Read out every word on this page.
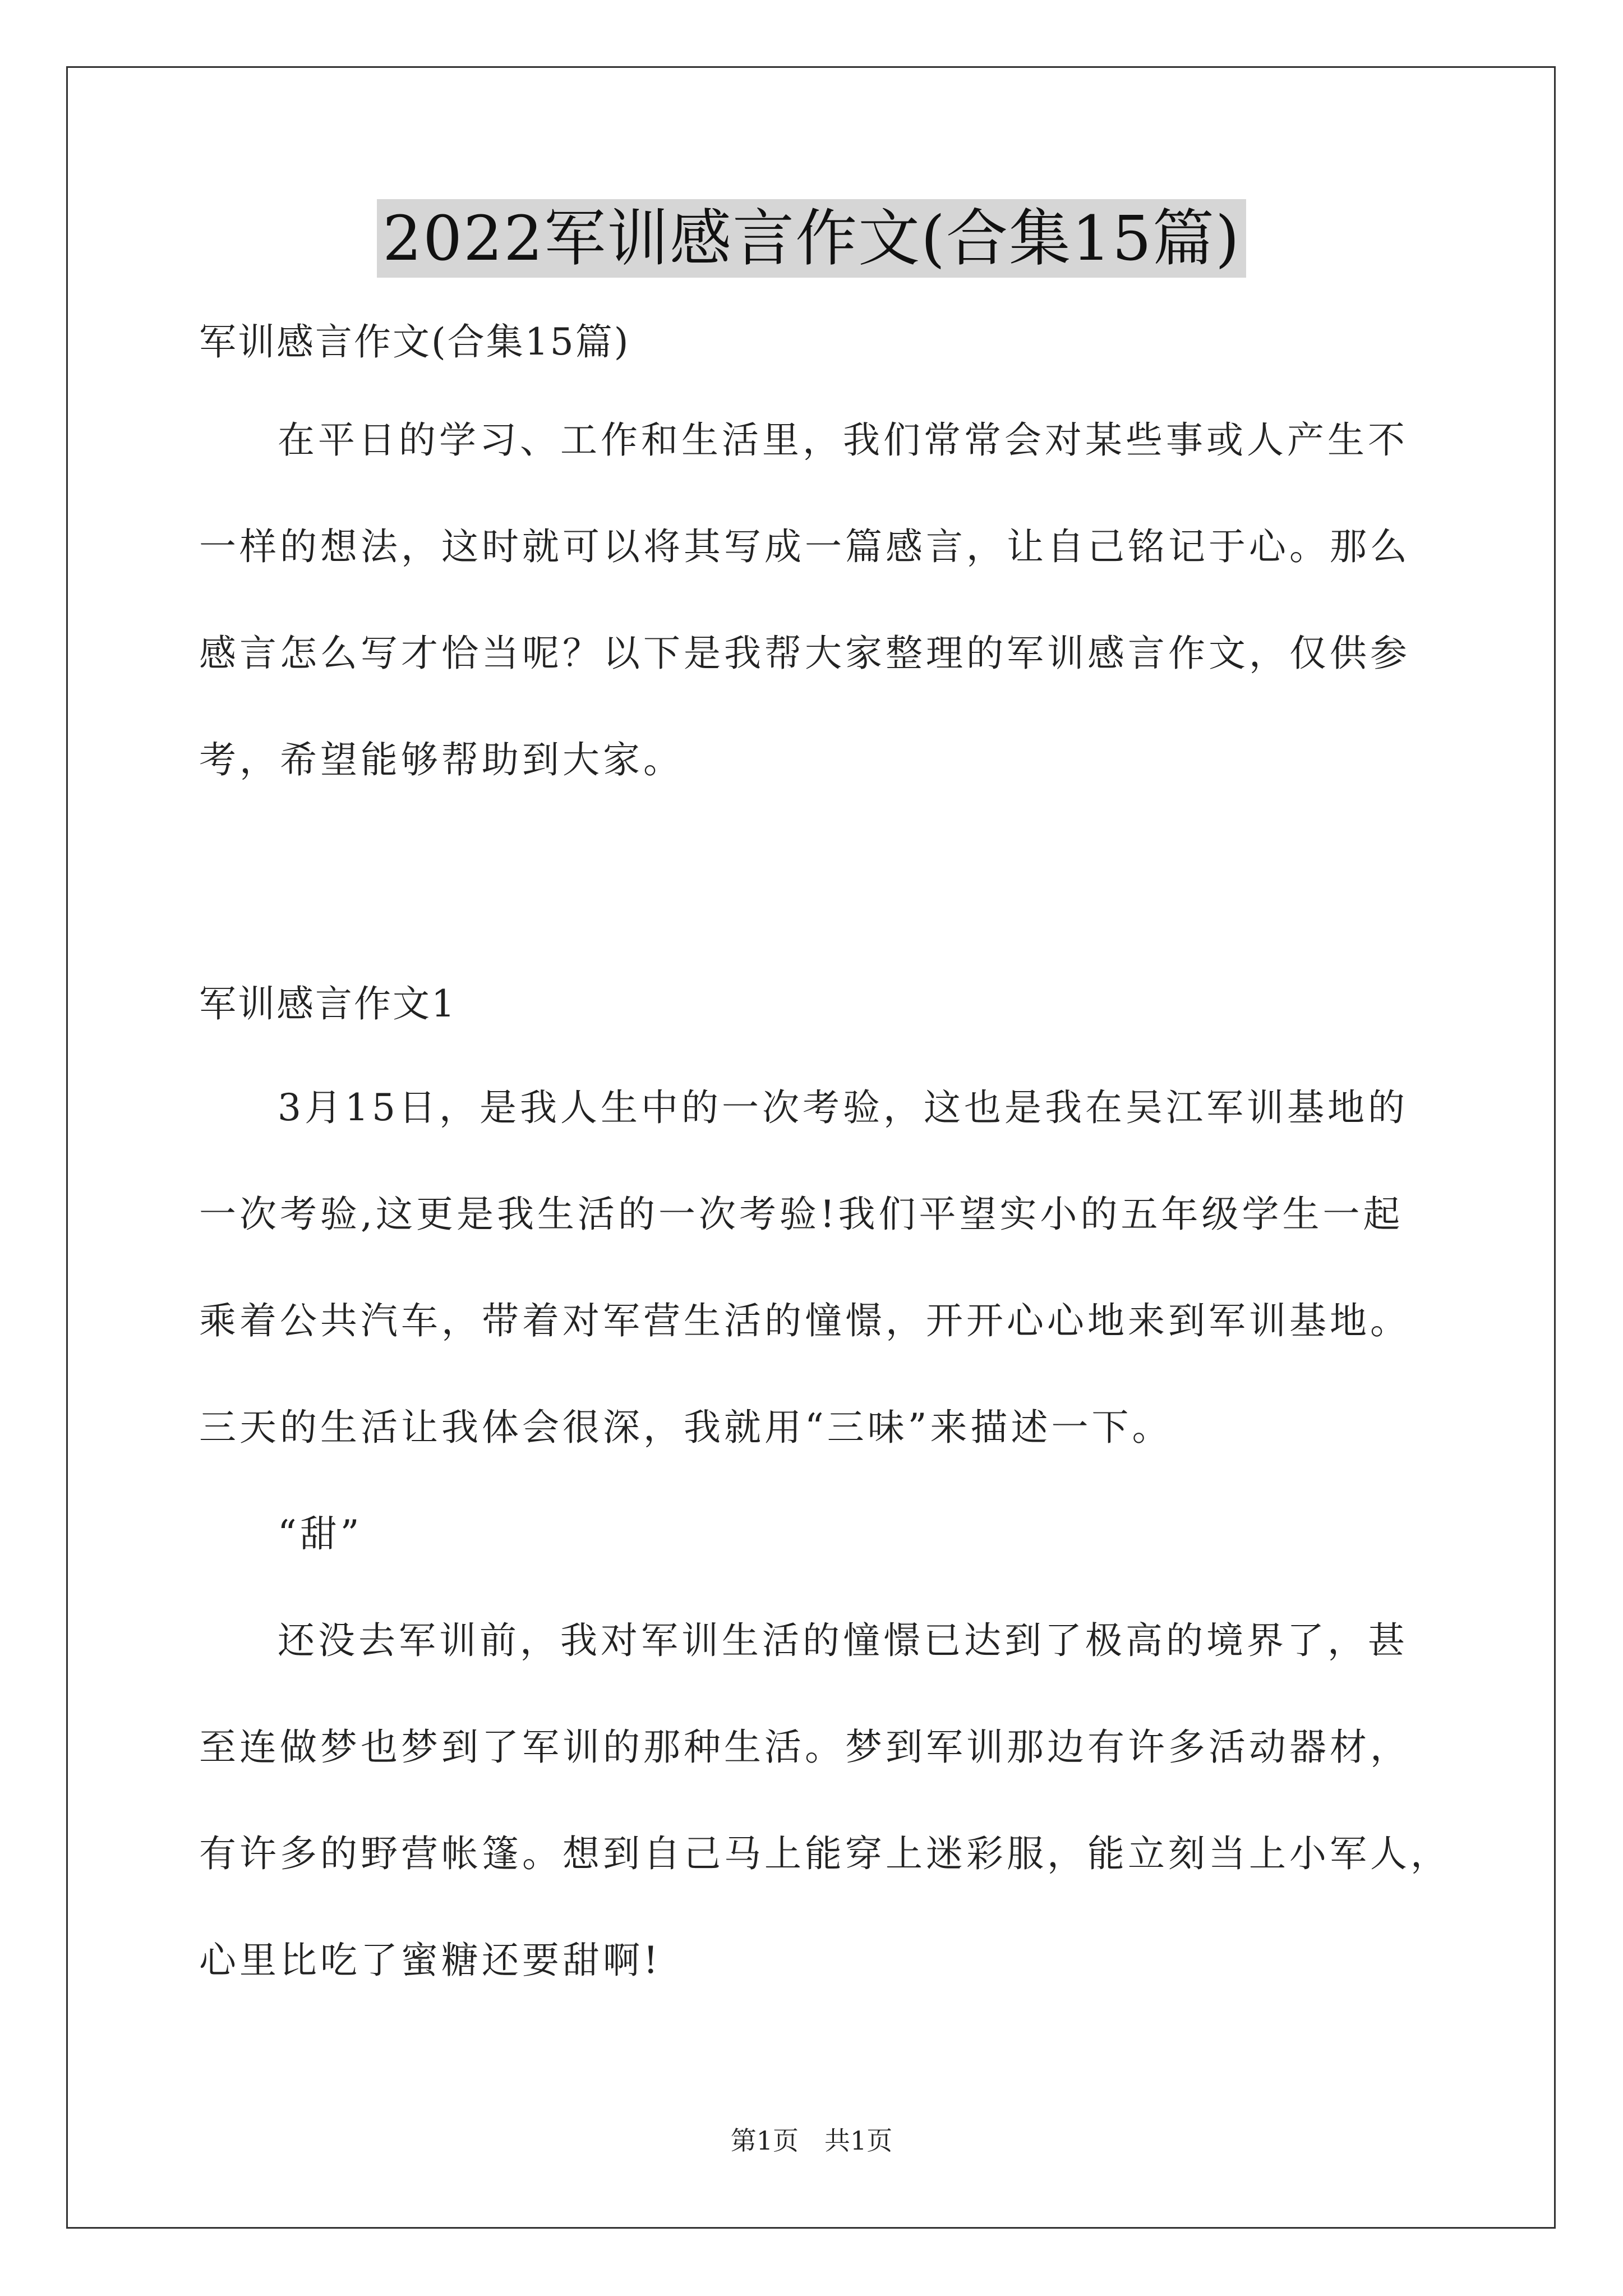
2022军训感言作文(合集15篇)
军训感言作文(合集15篇)
在平日的学习、工作和生活里，我们常常会对某些事或人产生不
一样的想法，这时就可以将其写成一篇感言，让自己铭记于心。那么
感言怎么写才恰当呢？以下是我帮大家整理的军训感言作文，仅供参
考，希望能够帮助到大家。
军训感言作文1
3月15日，是我人生中的一次考验，这也是我在吴江军训基地的
一次考验,这更是我生活的一次考验!我们平望实小的五年级学生一起
乘着公共汽车，带着对军营生活的憧憬，开开心心地来到军训基地。
三天的生活让我体会很深，我就用“三味”来描述一下。
“甜”
还没去军训前，我对军训生活的憧憬已达到了极高的境界了，甚
至连做梦也梦到了军训的那种生活。梦到军训那边有许多活动器材，
有许多的野营帐篷。想到自己马上能穿上迷彩服，能立刻当上小军人，
心里比吃了蜜糖还要甜啊!
第1页　共1页
